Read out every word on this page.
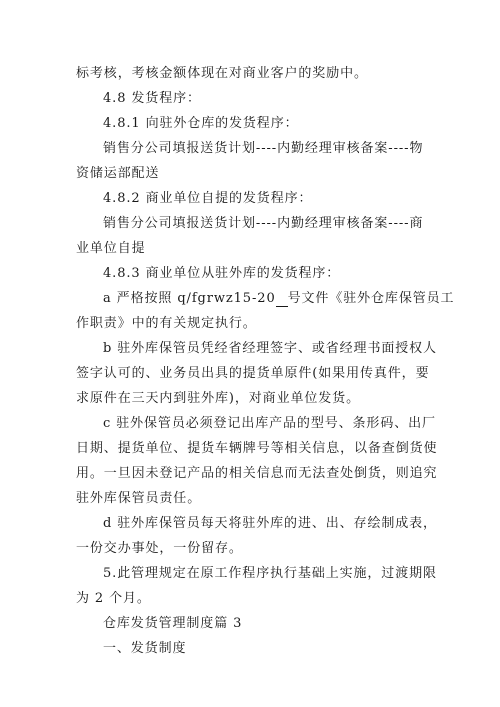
标考核，考核金额体现在对商业客户的奖励中。
4.8 发货程序：
4.8.1 向驻外仓库的发货程序：
销售分公司填报送货计划----内勤经理审核备案----物
资储运部配送
4.8.2 商业单位自提的发货程序：
销售分公司填报送货计划----内勤经理审核备案----商
业单位自提
4.8.3 商业单位从驻外库的发货程序：
a 严格按照 q/fgrwz15-20 号文件《驻外仓库保管员工
作职责》中的有关规定执行。
b 驻外库保管员凭经省经理签字、或省经理书面授权人
签字认可的、业务员出具的提货单原件(如果用传真件，要
求原件在三天内到驻外库)，对商业单位发货。
c 驻外保管员必须登记出库产品的型号、条形码、出厂
日期、提货单位、提货车辆牌号等相关信息，以备查倒货使
用。一旦因未登记产品的相关信息而无法查处倒货，则追究
驻外库保管员责任。
d 驻外库保管员每天将驻外库的进、出、存绘制成表，
一份交办事处，一份留存。
5.此管理规定在原工作程序执行基础上实施，过渡期限
为 2 个月。
仓库发货管理制度篇 3
一、发货制度
